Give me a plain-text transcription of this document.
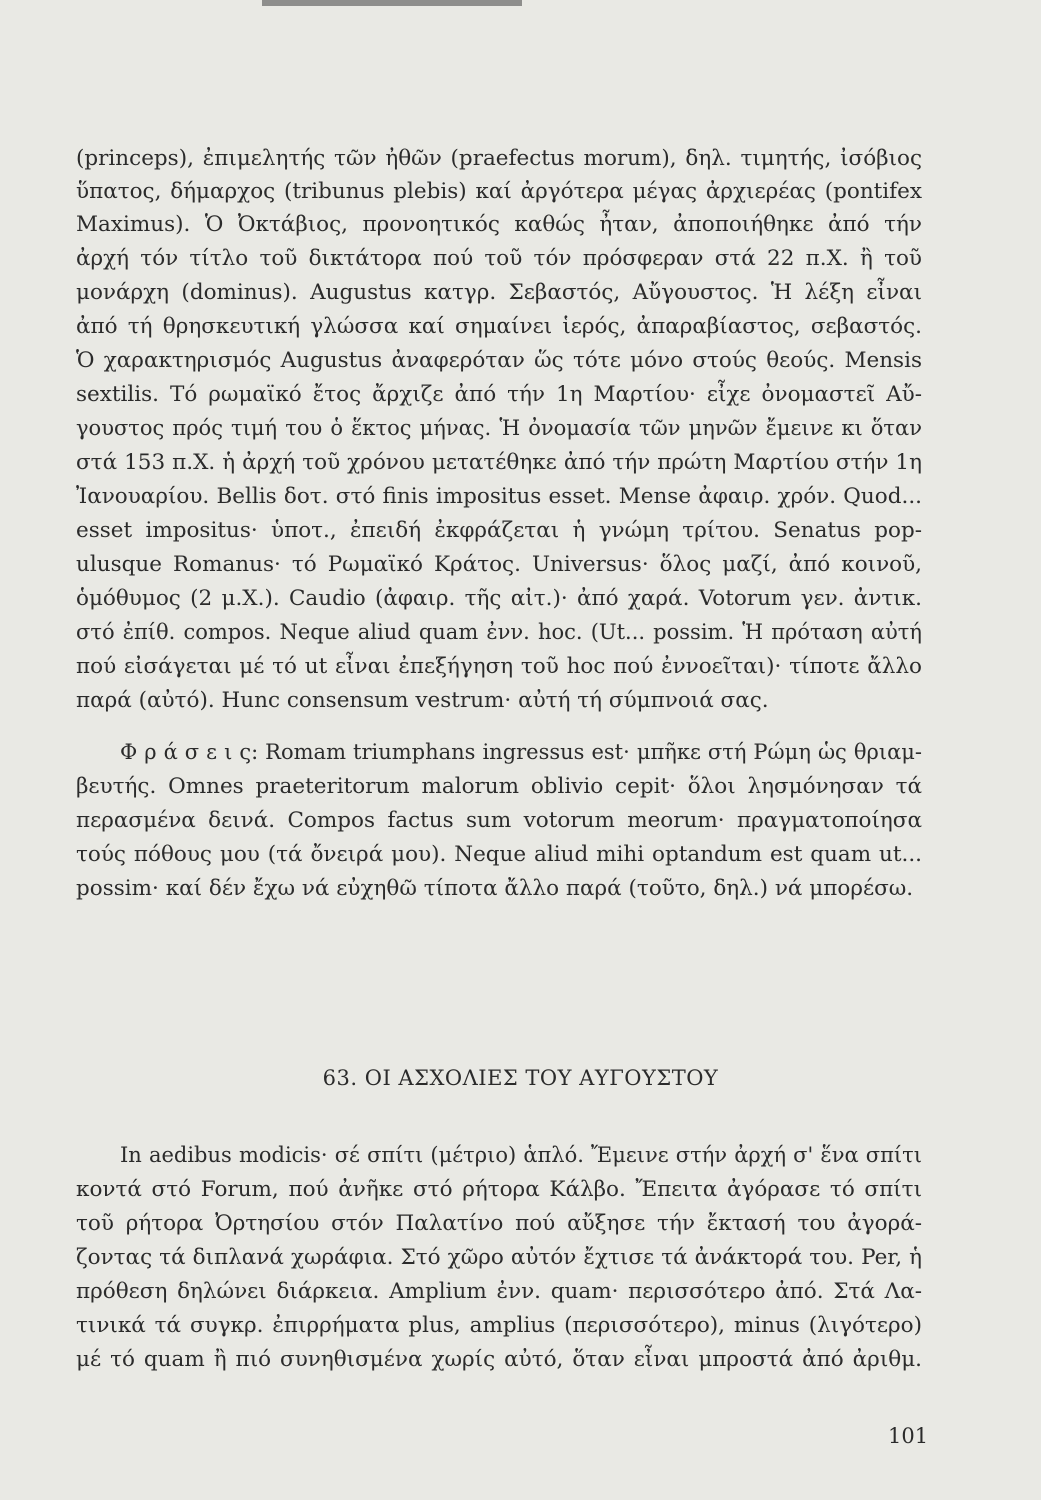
(princeps), ἐπιμελητής τῶν ἠθῶν (praefectus morum), δηλ. τιμητής, ἰσόβιος
ὕπατος, δήμαρχος (tribunus plebis) καί ἀργότερα μέγας ἀρχιερέας (pontifex
Maximus). Ὁ Ὀκτάβιος, προνοητικός καθώς ἦταν, ἀποποιήθηκε ἀπό τήν
ἀρχή τόν τίτλο τοῦ δικτάτορα πού τοῦ τόν πρόσφεραν στά 22 π.Χ. ἢ τοῦ
μονάρχη (dominus). Augustus κατγρ. Σεβαστός, Αὔγουστος. Ἡ λέξη εἶναι
ἀπό τή θρησκευτική γλώσσα καί σημαίνει ἱερός, ἀπαραβίαστος, σεβαστός.
Ὁ χαρακτηρισμός Augustus ἀναφερόταν ὥς τότε μόνο στούς θεούς. Mensis
sextilis. Τό ρωμαϊκό ἔτος ἄρχιζε ἀπό τήν 1η Μαρτίου· εἶχε ὀνομαστεῖ Αὔ-
γουστος πρός τιμή του ὁ ἕκτος μήνας. Ἡ ὀνομασία τῶν μηνῶν ἔμεινε κι ὅταν
στά 153 π.Χ. ἡ ἀρχή τοῦ χρόνου μετατέθηκε ἀπό τήν πρώτη Μαρτίου στήν 1η
Ἰανουαρίου. Bellis δοτ. στό finis impositus esset. Mense ἀφαιρ. χρόν. Quod...
esset impositus· ὑποτ., ἐπειδή ἐκφράζεται ἡ γνώμη τρίτου. Senatus pop-
ulusque Romanus· τό Ρωμαϊκό Κράτος. Universus· ὅλος μαζί, ἀπό κοινοῦ,
ὁμόθυμος (2 μ.Χ.). Caudio (ἀφαιρ. τῆς αἰτ.)· ἀπό χαρά. Votorum γεν. ἀντικ.
στό ἐπίθ. compos. Neque aliud quam ἐνν. hoc. (Ut... possim. Ἡ πρόταση αὐτή
πού εἰσάγεται μέ τό ut εἶναι ἐπεξήγηση τοῦ hoc πού ἐννοεῖται)· τίποτε ἄλλο
παρά (αὐτό). Hunc consensum vestrum· αὐτή τή σύμπνοιά σας.
Φ ρ ά σ ε ι ς: Romam triumphans ingressus est· μπῆκε στή Ρώμη ὡς θριαμ-
βευτής. Omnes praeteritorum malorum oblivio cepit· ὅλοι λησμόνησαν τά
περασμένα δεινά. Compos factus sum votorum meorum· πραγματοποίησα
τούς πόθους μου (τά ὄνειρά μου). Neque aliud mihi optandum est quam ut...
possim· καί δέν ἔχω νά εὐχηθῶ τίποτα ἄλλο παρά (τοῦτο, δηλ.) νά μπορέσω.
63. ΟΙ ΑΣΧΟΛΙΕΣ ΤΟΥ ΑΥΓΟΥΣΤΟΥ
In aedibus modicis· σέ σπίτι (μέτριο) ἁπλό. Ἔμεινε στήν ἀρχή σ' ἕνα σπίτι
κοντά στό Forum, πού ἀνῆκε στό ρήτορα Κάλβο. Ἔπειτα ἀγόρασε τό σπίτι
τοῦ ρήτορα Ὀρτησίου στόν Παλατίνο πού αὔξησε τήν ἔκτασή του ἀγορά-
ζοντας τά διπλανά χωράφια. Στό χῶρο αὐτόν ἔχτισε τά ἀνάκτορά του. Per, ἡ
πρόθεση δηλώνει διάρκεια. Amplium ἐνν. quam· περισσότερο ἀπό. Στά Λα-
τινικά τά συγκρ. ἐπιρρήματα plus, amplius (περισσότερο), minus (λιγότερο)
μέ τό quam ἢ πιό συνηθισμένα χωρίς αὐτό, ὅταν εἶναι μπροστά ἀπό ἀριθμ.
101
